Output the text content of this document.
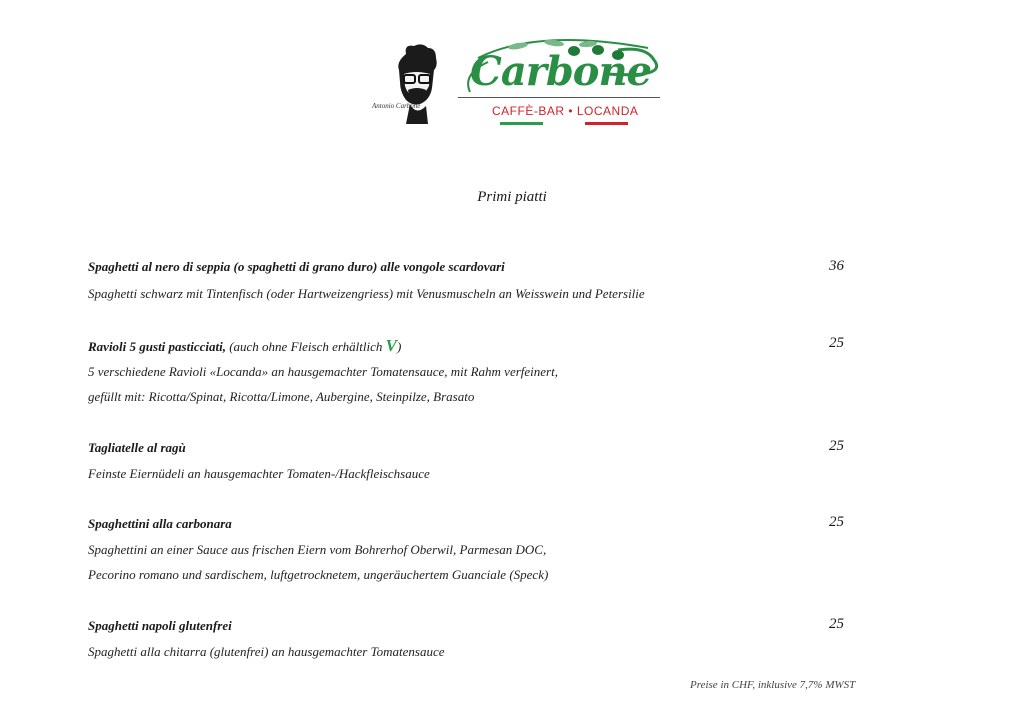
Antonio Carbone
Carbone
CAFFÈ-BAR • LOCANDA
Primi piatti
Spaghetti al nero di seppia (o spaghetti di grano duro) alle vongole scardovari	36
Spaghetti schwarz mit Tintenfisch (oder Hartweizengriess) mit Venusmuscheln an Weisswein und Petersilie
Ravioli 5 gusti pasticciati, (auch ohne Fleisch erhältlich V)	25
5 verschiedene Ravioli «Locanda» an hausgemachter Tomatensauce, mit Rahm verfeinert,
gefüllt mit: Ricotta/Spinat, Ricotta/Limone, Aubergine, Steinpilze, Brasato
Tagliatelle al ragù	25
Feinste Eiernüdeli an hausgemachter Tomaten-/Hackfleischsauce
Spaghettini alla carbonara	25
Spaghettini an einer Sauce aus frischen Eiern vom Bohrerhof Oberwil, Parmesan DOC,
Pecorino romano und sardischem, luftgetrocknetem, ungeräuchertem Guanciale (Speck)
Spaghetti napoli glutenfrei	25
Spaghetti alla chitarra (glutenfrei) an hausgemachter Tomatensauce
Preise in CHF, inklusive 7,7% MWST
